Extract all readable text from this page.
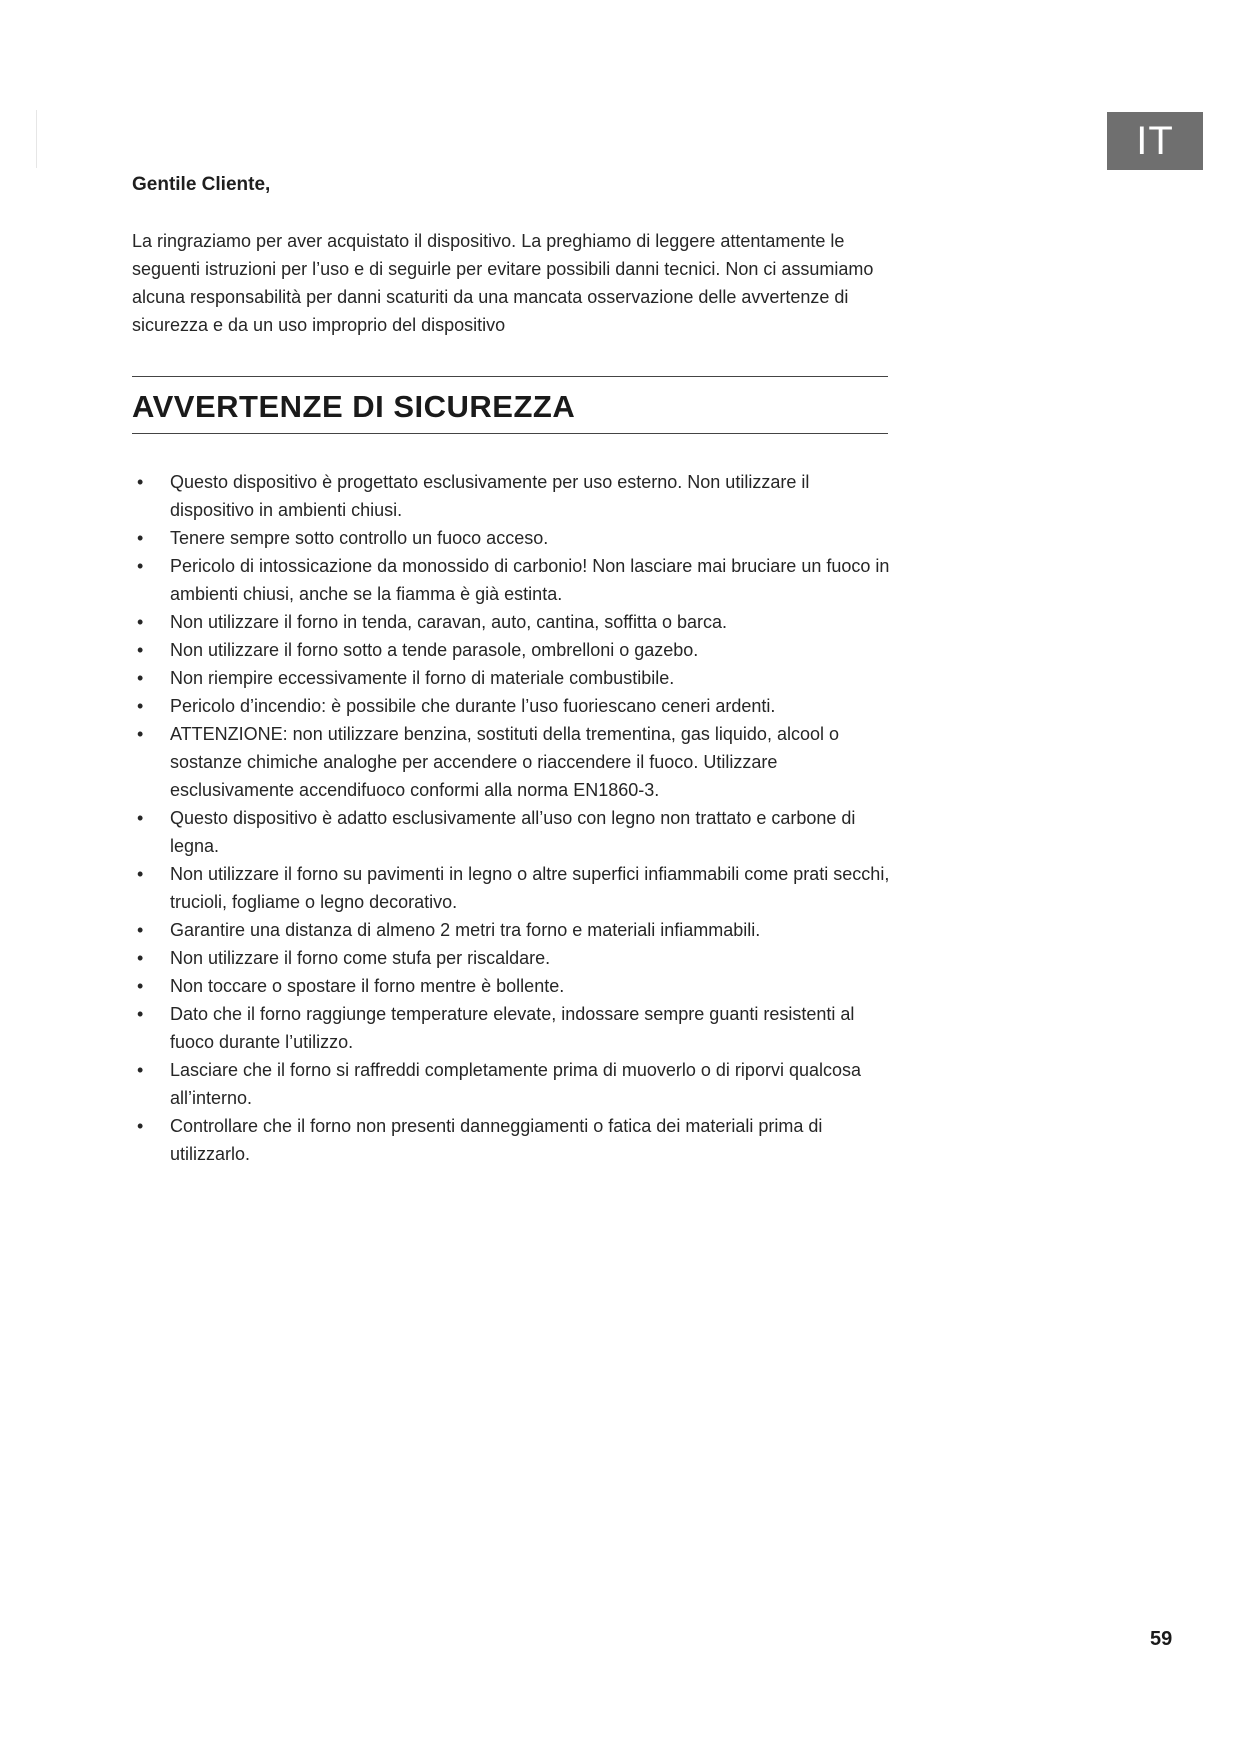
IT

Gentile Cliente,

La ringraziamo per aver acquistato il dispositivo. La preghiamo di leggere attentamente le seguenti istruzioni per l’uso e di seguirle per evitare possibili danni tecnici. Non ci assumiamo alcuna responsabilità per danni scaturiti da una mancata osservazione delle avvertenze di sicurezza e da un uso improprio del dispositivo

AVVERTENZE DI SICUREZZA
• Questo dispositivo è progettato esclusivamente per uso esterno. Non utilizzare il dispositivo in ambienti chiusi.
• Tenere sempre sotto controllo un fuoco acceso.
• Pericolo di intossicazione da monossido di carbonio! Non lasciare mai bruciare un fuoco in ambienti chiusi, anche se la fiamma è già estinta.
• Non utilizzare il forno in tenda, caravan, auto, cantina, soffitta o barca.
• Non utilizzare il forno sotto a tende parasole, ombrelloni o gazebo.
• Non riempire eccessivamente il forno di materiale combustibile.
• Pericolo d’incendio: è possibile che durante l’uso fuoriescano ceneri ardenti.
• ATTENZIONE: non utilizzare benzina, sostituti della trementina, gas liquido, alcool o sostanze chimiche analoghe per accendere o riaccendere il fuoco. Utilizzare esclusivamente accendifuoco conformi alla norma EN1860-3.
• Questo dispositivo è adatto esclusivamente all’uso con legno non trattato e carbone di legna.
• Non utilizzare il forno su pavimenti in legno o altre superfici infiammabili come prati secchi, trucioli, fogliame o legno decorativo.
• Garantire una distanza di almeno 2 metri tra forno e materiali infiammabili.
• Non utilizzare il forno come stufa per riscaldare.
• Non toccare o spostare il forno mentre è bollente.
• Dato che il forno raggiunge temperature elevate, indossare sempre guanti resistenti al fuoco durante l’utilizzo.
• Lasciare che il forno si raffreddi completamente prima di muoverlo o di riporvi qualcosa all’interno.
• Controllare che il forno non presenti danneggiamenti o fatica dei materiali prima di utilizzarlo.
59
